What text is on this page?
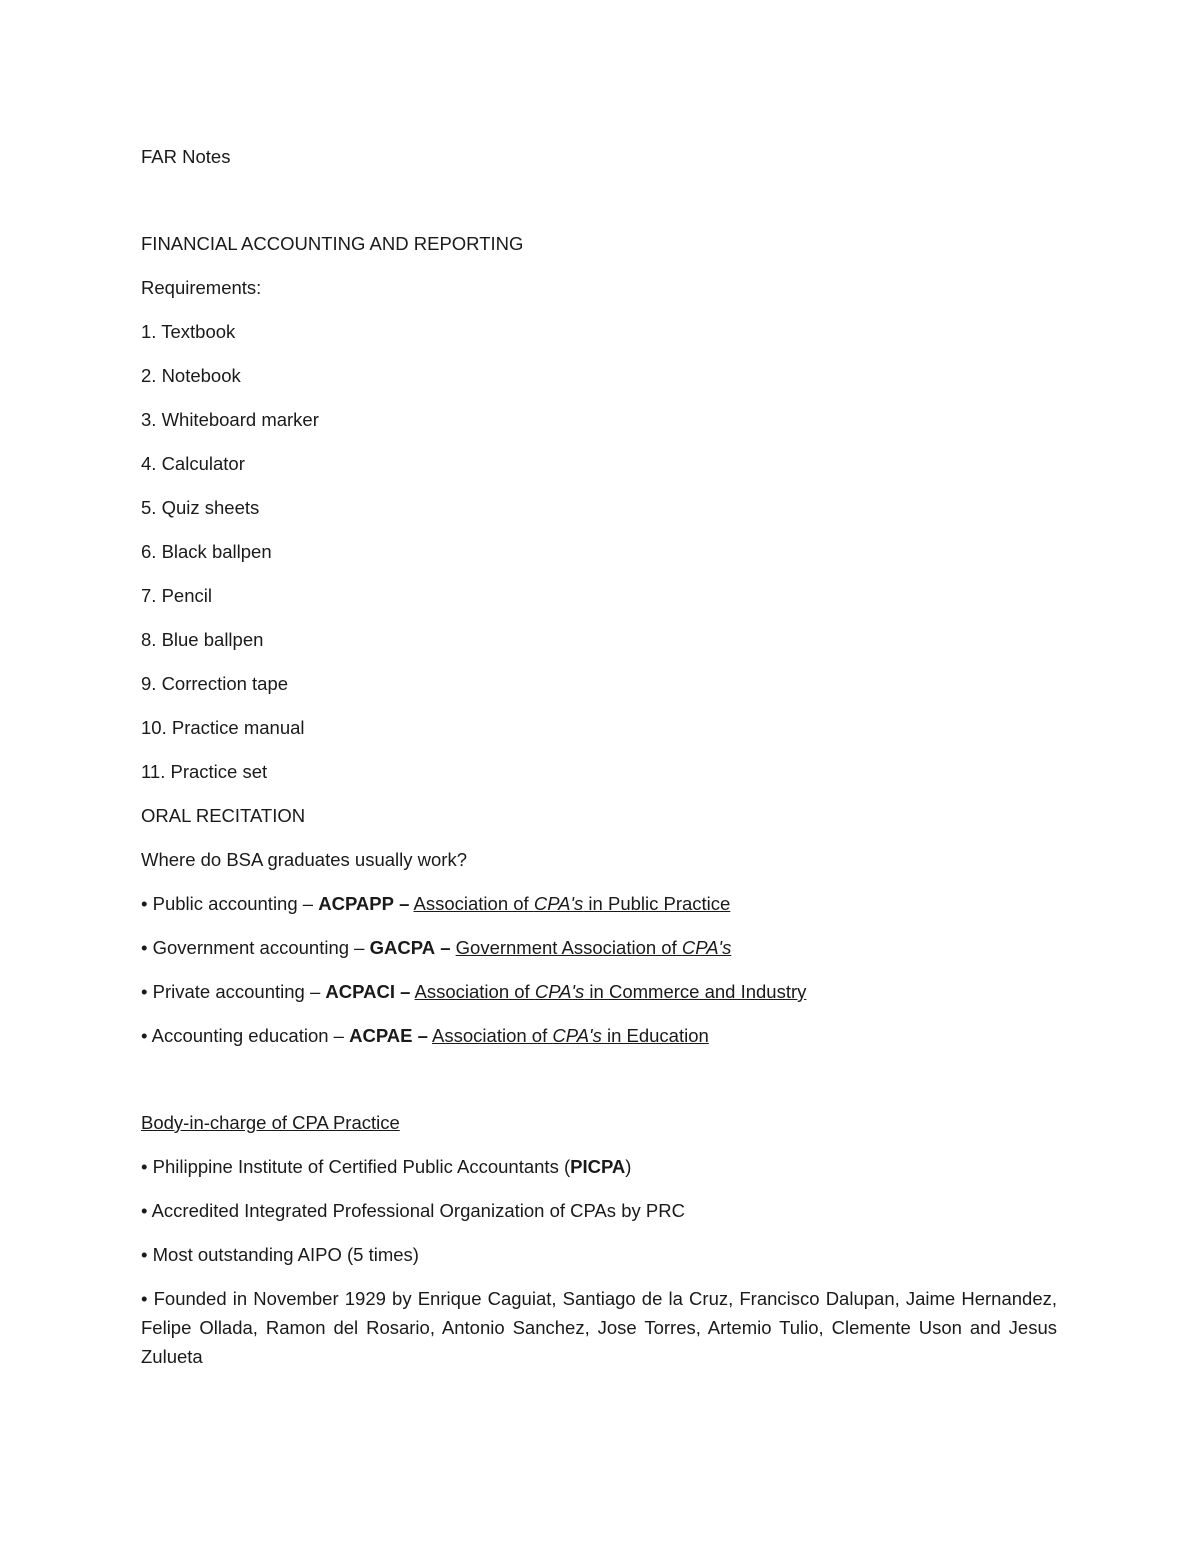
FAR Notes

FINANCIAL ACCOUNTING AND REPORTING

Requirements:

1. Textbook

2. Notebook

3. Whiteboard marker

4. Calculator

5. Quiz sheets

6. Black ballpen

7. Pencil

8. Blue ballpen

9. Correction tape

10. Practice manual

11. Practice set

ORAL RECITATION

Where do BSA graduates usually work?

• Public accounting – ACPAPP – Association of CPA's in Public Practice

• Government accounting – GACPA – Government Association of CPA's

• Private accounting – ACPACI – Association of CPA's in Commerce and Industry

• Accounting education – ACPAE – Association of CPA's in Education

Body-in-charge of CPA Practice

• Philippine Institute of Certified Public Accountants (PICPA)

• Accredited Integrated Professional Organization of CPAs by PRC

• Most outstanding AIPO (5 times)

• Founded in November 1929 by Enrique Caguiat, Santiago de la Cruz, Francisco Dalupan, Jaime Hernandez, Felipe Ollada, Ramon del Rosario, Antonio Sanchez, Jose Torres, Artemio Tulio, Clemente Uson and Jesus Zulueta
